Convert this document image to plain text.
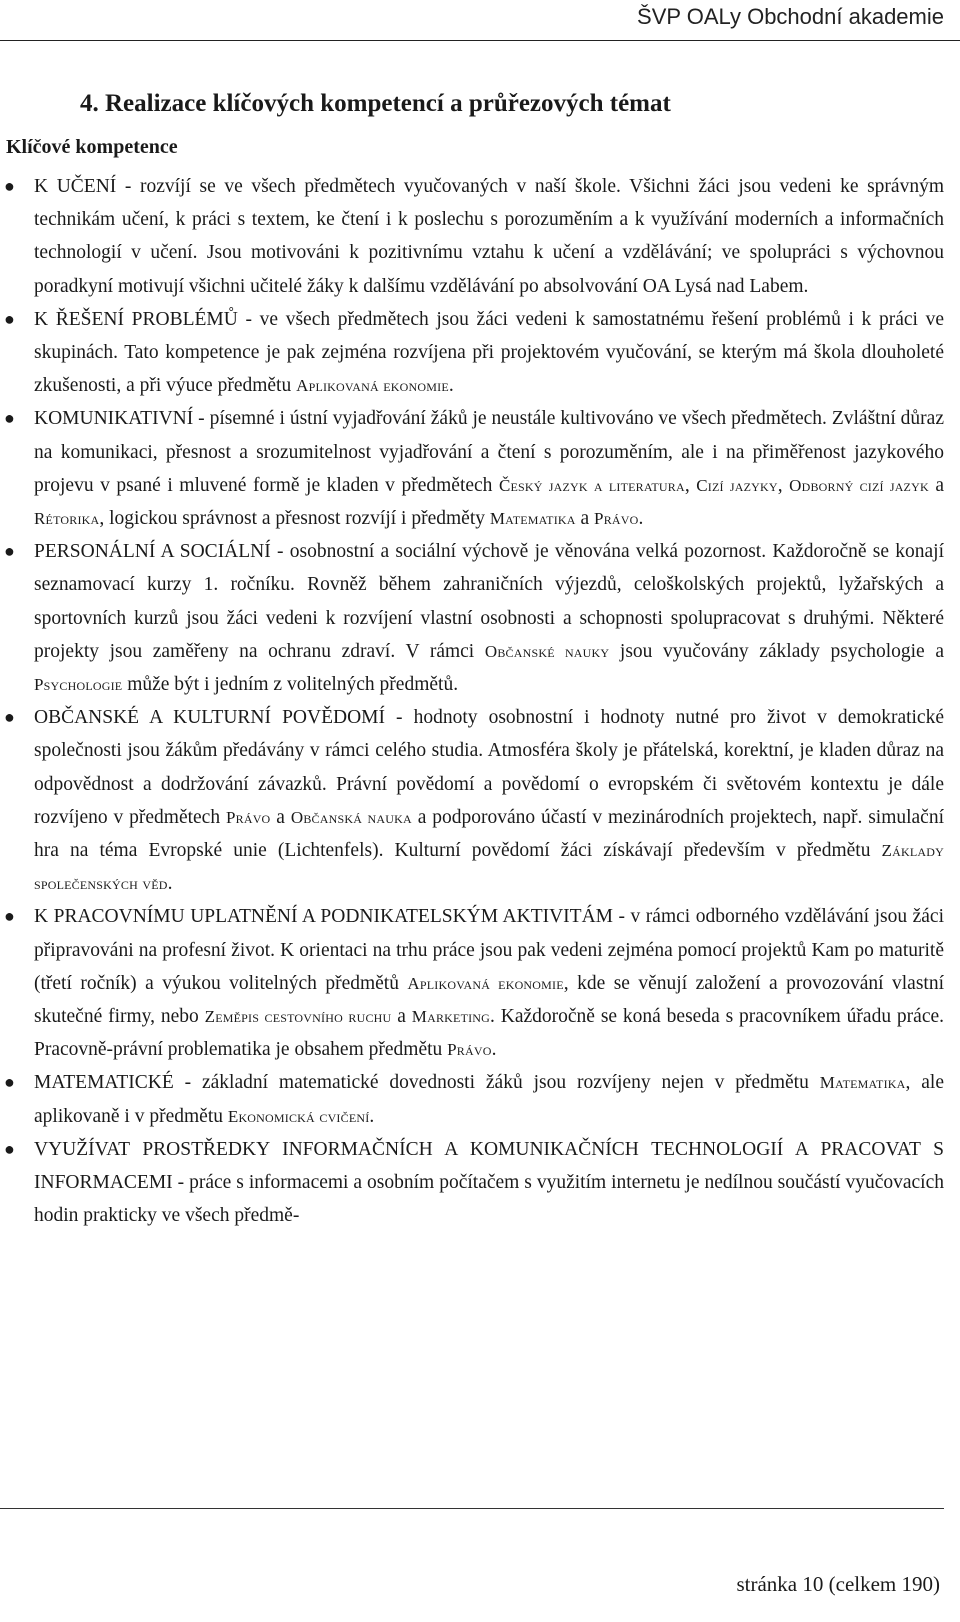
ŠVP OALy Obchodní akademie
4. Realizace klíčových kompetencí a průřezových témat
Klíčové kompetence
● K UČENÍ - rozvíjí se ve všech předmětech vyučovaných v naší škole. Všichni žáci jsou vedeni ke správným technikám učení, k práci s textem, ke čtení i k poslechu s porozuměním a k využívání moderních a informačních technologií v učení. Jsou motivováni k pozitivnímu vztahu k učení a vzdělávání; ve spolupráci s výchovnou poradkyní motivují všichni učitelé žáky k dalšímu vzdělávání po absolvování OA Lysá nad Labem.
● K ŘEŠENÍ PROBLÉMŮ - ve všech předmětech jsou žáci vedeni k samostatnému řešení problémů i k práci ve skupinách. Tato kompetence je pak zejména rozvíjena při projektovém vyučování, se kterým má škola dlouholeté zkušenosti, a při výuce předmětu Aplikovaná ekonomie.
● KOMUNIKATIVNÍ - písemné i ústní vyjadřování žáků je neustále kultivováno ve všech předmětech. Zvláštní důraz na komunikaci, přesnost a srozumitelnost vyjadřování a čtení s porozuměním, ale i na přiměřenost jazykového projevu v psané i mluvené formě je kladen v předmětech Český jazyk a literatura, Cizí jazyky, Odborný cizí jazyk a Rétorika, logickou správnost a přesnost rozvíjí i předměty Matematika a Právo.
● PERSONÁLNÍ A SOCIÁLNÍ - osobnostní a sociální výchově je věnována velká pozornost. Každoročně se konají seznamovací kurzy 1. ročníku. Rovněž během zahraničních výjezdů, celoškolských projektů, lyžařských a sportovních kurzů jsou žáci vedeni k rozvíjení vlastní osobnosti a schopnosti spolupracovat s druhými. Některé projekty jsou zaměřeny na ochranu zdraví. V rámci Občanské nauky jsou vyučovány základy psychologie a Psychologie může být i jedním z volitelných předmětů.
● OBČANSKÉ A KULTURNÍ POVĚDOMÍ - hodnoty osobnostní i hodnoty nutné pro život v demokratické společnosti jsou žákům předávány v rámci celého studia. Atmosféra školy je přátelská, korektní, je kladen důraz na odpovědnost a dodržování závazků. Právní povědomí a povědomí o evropském či světovém kontextu je dále rozvíjeno v předmětech Právo a Občanská nauka a podporováno účastí v mezinárodních projektech, např. simulační hra na téma Evropské unie (Lichtenfels). Kulturní povědomí žáci získávají především v předmětu Základy společenských věd.
● K PRACOVNÍMU UPLATNĚNÍ A PODNIKATELSKÝM AKTIVITÁM - v rámci odborného vzdělávání jsou žáci připravováni na profesní život. K orientaci na trhu práce jsou pak vedeni zejména pomocí projektů Kam po maturitě (třetí ročník) a výukou volitelných předmětů Aplikovaná ekonomie, kde se věnují založení a provozování vlastní skutečné firmy, nebo Zeměpis cestovního ruchu a Marketing. Každoročně se koná beseda s pracovníkem úřadu práce. Pracovně-právní problematika je obsahem předmětu Právo.
● MATEMATICKÉ - základní matematické dovednosti žáků jsou rozvíjeny nejen v předmětu Matematika, ale aplikovaně i v předmětu Ekonomická cvičení.
● VYUŽÍVAT PROSTŘEDKY INFORMAČNÍCH A KOMUNIKAČNÍCH TECHNOLOGIÍ A PRACOVAT S INFORMACEMI - práce s informacemi a osobním počítačem s využitím internetu je nedílnou součástí vyučovacích hodin prakticky ve všech předmě-
stránka 10 (celkem 190)
